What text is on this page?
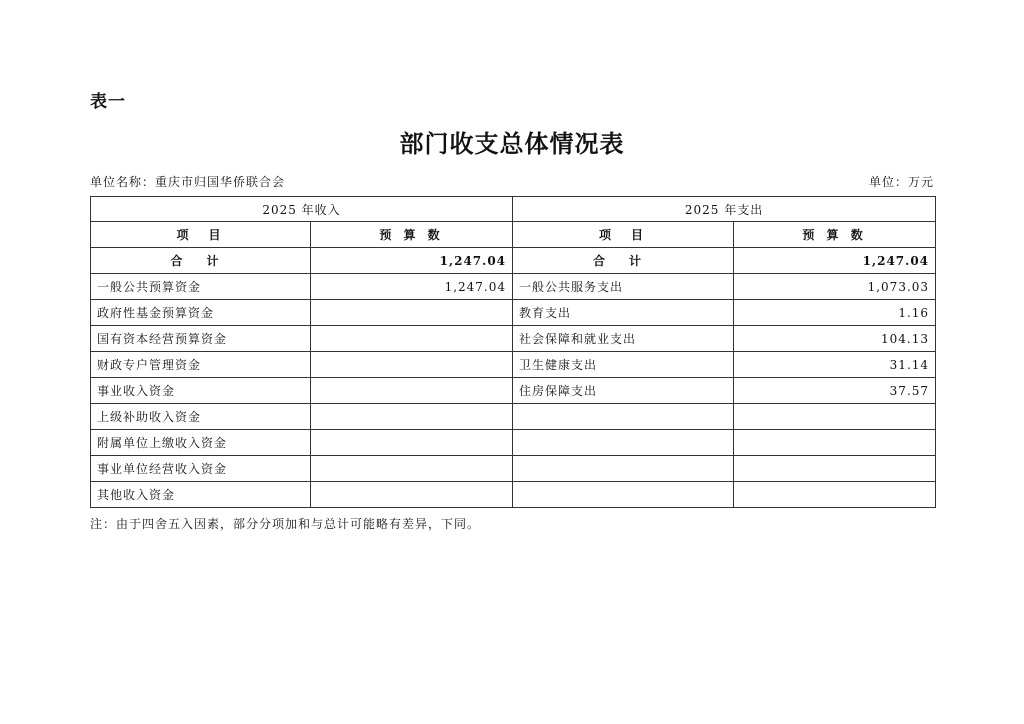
表一
部门收支总体情况表
单位名称：重庆市归国华侨联合会	单位：万元
2025 年收入		2025 年支出	
项　目	预 算 数	项　目	预 算 数
合　计	1,247.04	合　计	1,247.04
一般公共预算资金	1,247.04	一般公共服务支出	1,073.03
政府性基金预算资金		教育支出	1.16
国有资本经营预算资金		社会保障和就业支出	104.13
财政专户管理资金		卫生健康支出	31.14
事业收入资金		住房保障支出	37.57
上级补助收入资金			
附属单位上缴收入资金			
事业单位经营收入资金			
其他收入资金			
注：由于四舍五入因素，部分分项加和与总计可能略有差异，下同。
